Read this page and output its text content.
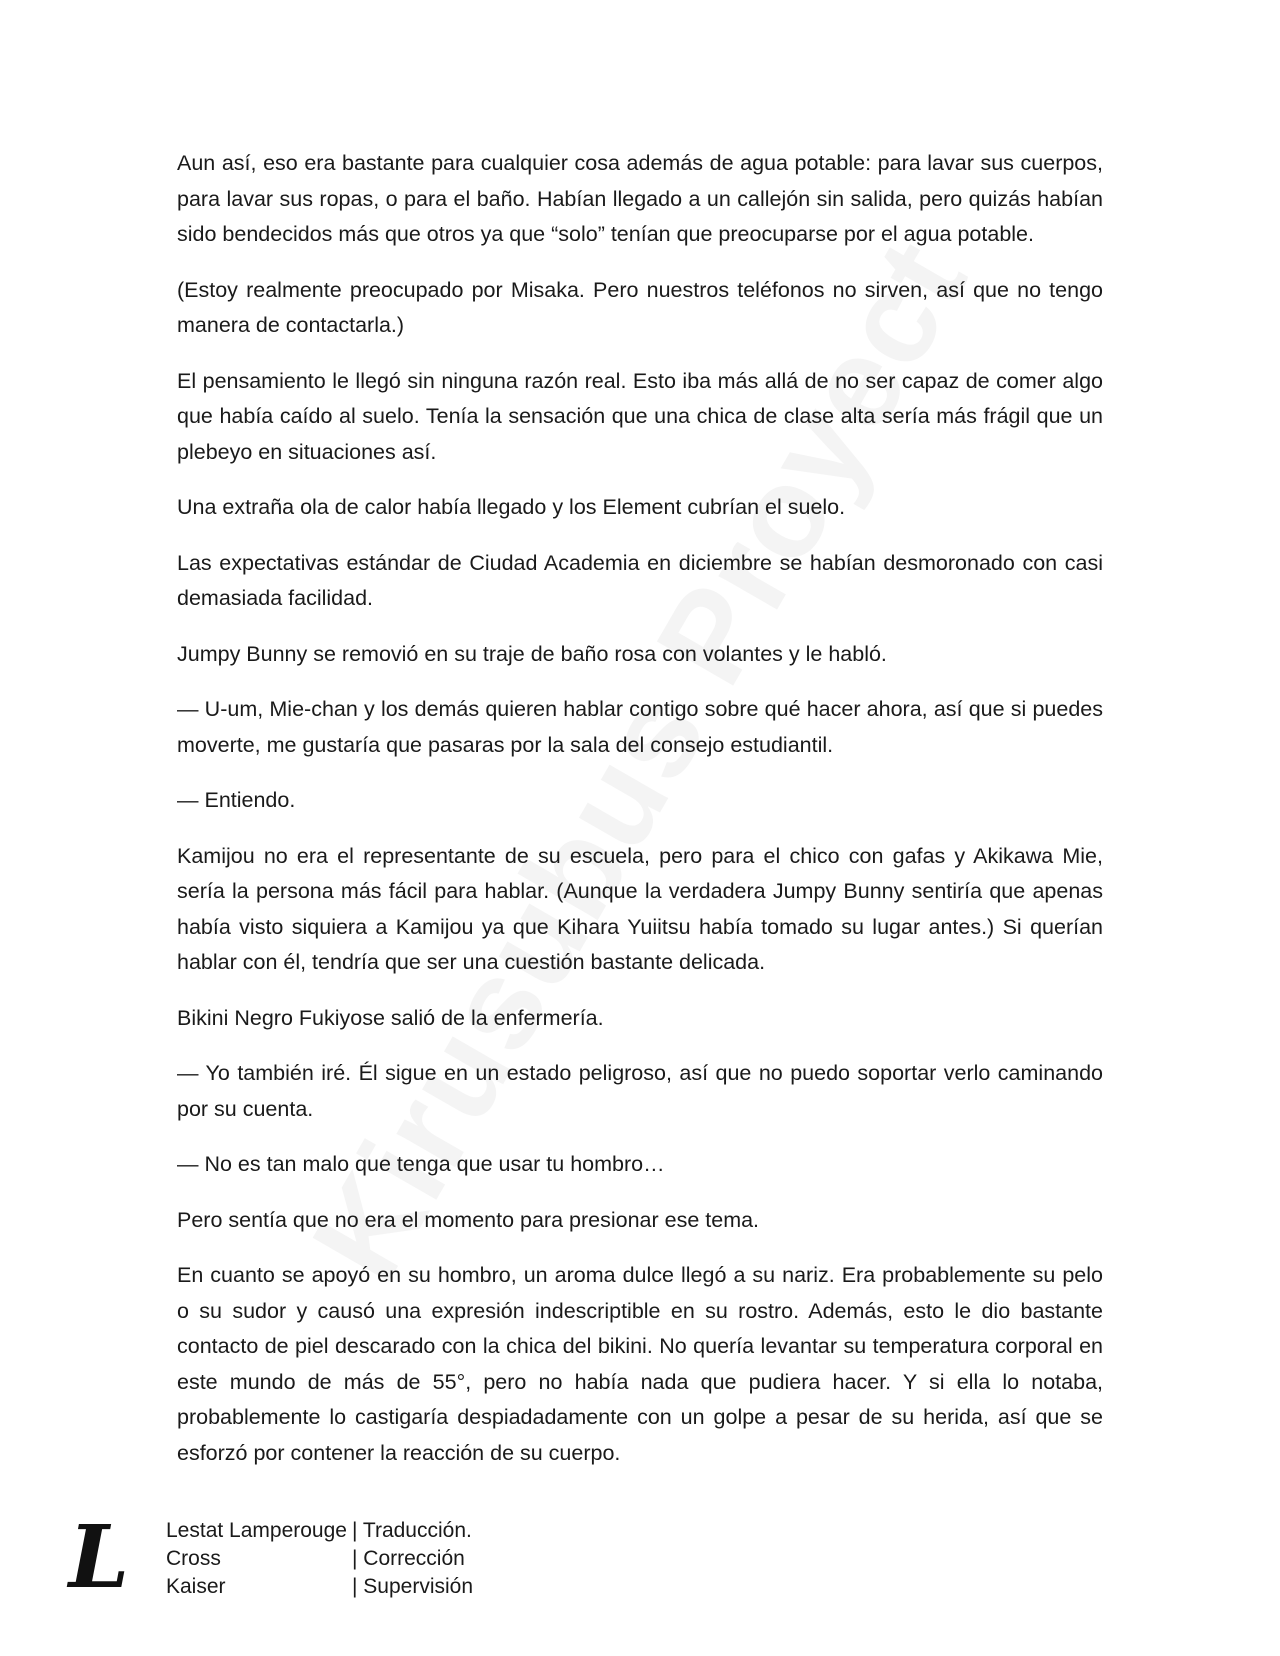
Aun así, eso era bastante para cualquier cosa además de agua potable: para lavar sus cuerpos, para lavar sus ropas, o para el baño. Habían llegado a un callejón sin salida, pero quizás habían sido bendecidos más que otros ya que “solo” tenían que preocuparse por el agua potable.

(Estoy realmente preocupado por Misaka. Pero nuestros teléfonos no sirven, así que no tengo manera de contactarla.)

El pensamiento le llegó sin ninguna razón real. Esto iba más allá de no ser capaz de comer algo que había caído al suelo. Tenía la sensación que una chica de clase alta sería más frágil que un plebeyo en situaciones así.

Una extraña ola de calor había llegado y los Element cubrían el suelo.

Las expectativas estándar de Ciudad Academia en diciembre se habían desmoronado con casi demasiada facilidad.

Jumpy Bunny se removió en su traje de baño rosa con volantes y le habló.

— U-um, Mie-chan y los demás quieren hablar contigo sobre qué hacer ahora, así que si puedes moverte, me gustaría que pasaras por la sala del consejo estudiantil.

— Entiendo.

Kamijou no era el representante de su escuela, pero para el chico con gafas y Akikawa Mie, sería la persona más fácil para hablar. (Aunque la verdadera Jumpy Bunny sentiría que apenas había visto siquiera a Kamijou ya que Kihara Yuiitsu había tomado su lugar antes.) Si querían hablar con él, tendría que ser una cuestión bastante delicada.

Bikini Negro Fukiyose salió de la enfermería.

— Yo también iré. Él sigue en un estado peligroso, así que no puedo soportar verlo caminando por su cuenta.

— No es tan malo que tenga que usar tu hombro…

Pero sentía que no era el momento para presionar ese tema.

En cuanto se apoyó en su hombro, un aroma dulce llegó a su nariz. Era probablemente su pelo o su sudor y causó una expresión indescriptible en su rostro. Además, esto le dio bastante contacto de piel descarado con la chica del bikini. No quería levantar su temperatura corporal en este mundo de más de 55°, pero no había nada que pudiera hacer. Y si ella lo notaba, probablemente lo castigaría despiadadamente con un golpe a pesar de su herida, así que se esforzó por contener la reacción de su cuerpo.

L Lestat Lamperouge | Traducción.
Cross	| Corrección
Kaiser	| Supervisión
